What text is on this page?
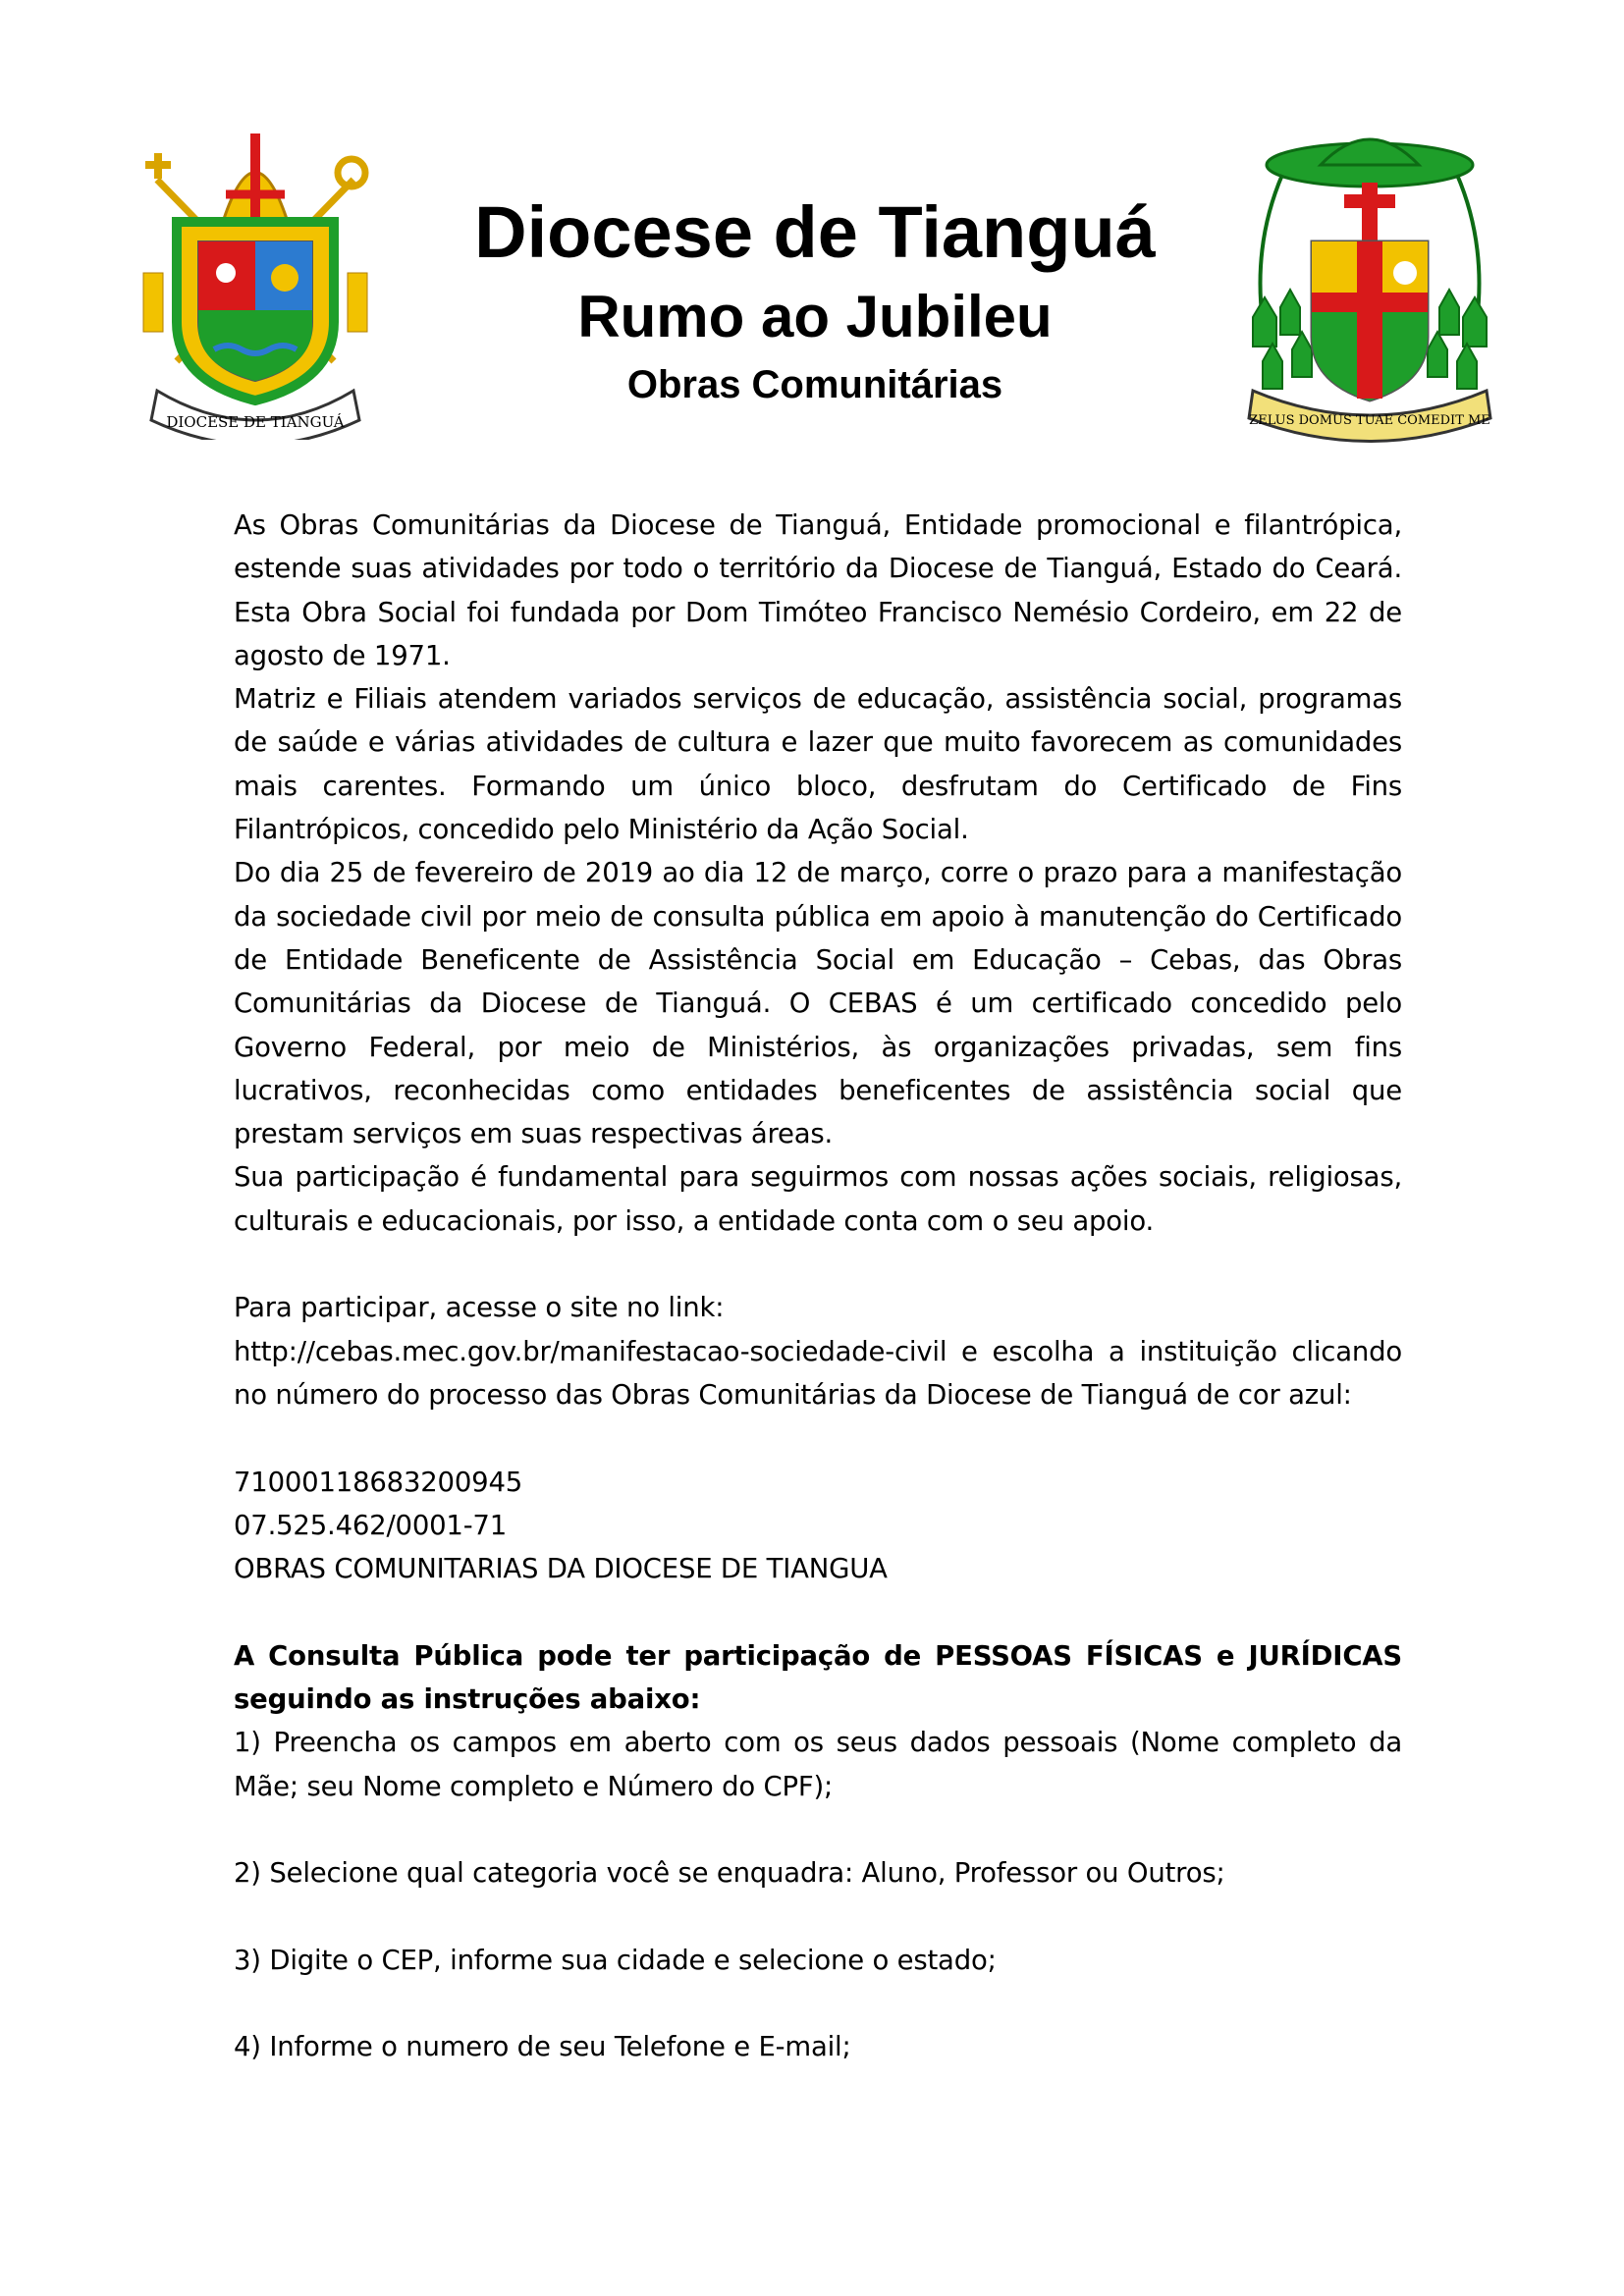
DIOCESE DE TIANGUÁ	ZELUS DOMUS TUAE COMEDIT ME
Diocese de Tianguá
Rumo ao Jubileu
Obras Comunitárias

As Obras Comunitárias da Diocese de Tianguá, Entidade promocional e filantrópica, estende suas atividades por todo o território da Diocese de Tianguá, Estado do Ceará. Esta Obra Social foi fundada por Dom Timóteo Francisco Nemésio Cordeiro, em 22 de agosto de 1971.

Matriz e Filiais atendem variados serviços de educação, assistência social, programas de saúde e várias atividades de cultura e lazer que muito favorecem as comunidades mais carentes. Formando um único bloco, desfrutam do Certificado de Fins Filantrópicos, concedido pelo Ministério da Ação Social.

Do dia 25 de fevereiro de 2019 ao dia 12 de março, corre o prazo para a manifestação da sociedade civil por meio de consulta pública em apoio à manutenção do Certificado de Entidade Beneficente de Assistência Social em Educação – Cebas, das Obras Comunitárias da Diocese de Tianguá. O CEBAS é um certificado concedido pelo Governo Federal, por meio de Ministérios, às organizações privadas, sem fins lucrativos, reconhecidas como entidades beneficentes de assistência social que prestam serviços em suas respectivas áreas.

Sua participação é fundamental para seguirmos com nossas ações sociais, religiosas, culturais e educacionais, por isso, a entidade conta com o seu apoio.

Para participar, acesse o site no link:

http://cebas.mec.gov.br/manifestacao-sociedade-civil e escolha a instituição clicando no número do processo das Obras Comunitárias da Diocese de Tianguá de cor azul:

71000118683200945

07.525.462/0001-71

OBRAS COMUNITARIAS DA DIOCESE DE TIANGUA

A Consulta Pública pode ter participação de PESSOAS FÍSICAS e JURÍDICAS seguindo as instruções abaixo:

1) Preencha os campos em aberto com os seus dados pessoais (Nome completo da Mãe; seu Nome completo e Número do CPF);

2) Selecione qual categoria você se enquadra: Aluno, Professor ou Outros;

3) Digite o CEP, informe sua cidade e selecione o estado;

4) Informe o numero de seu Telefone e E-mail;
